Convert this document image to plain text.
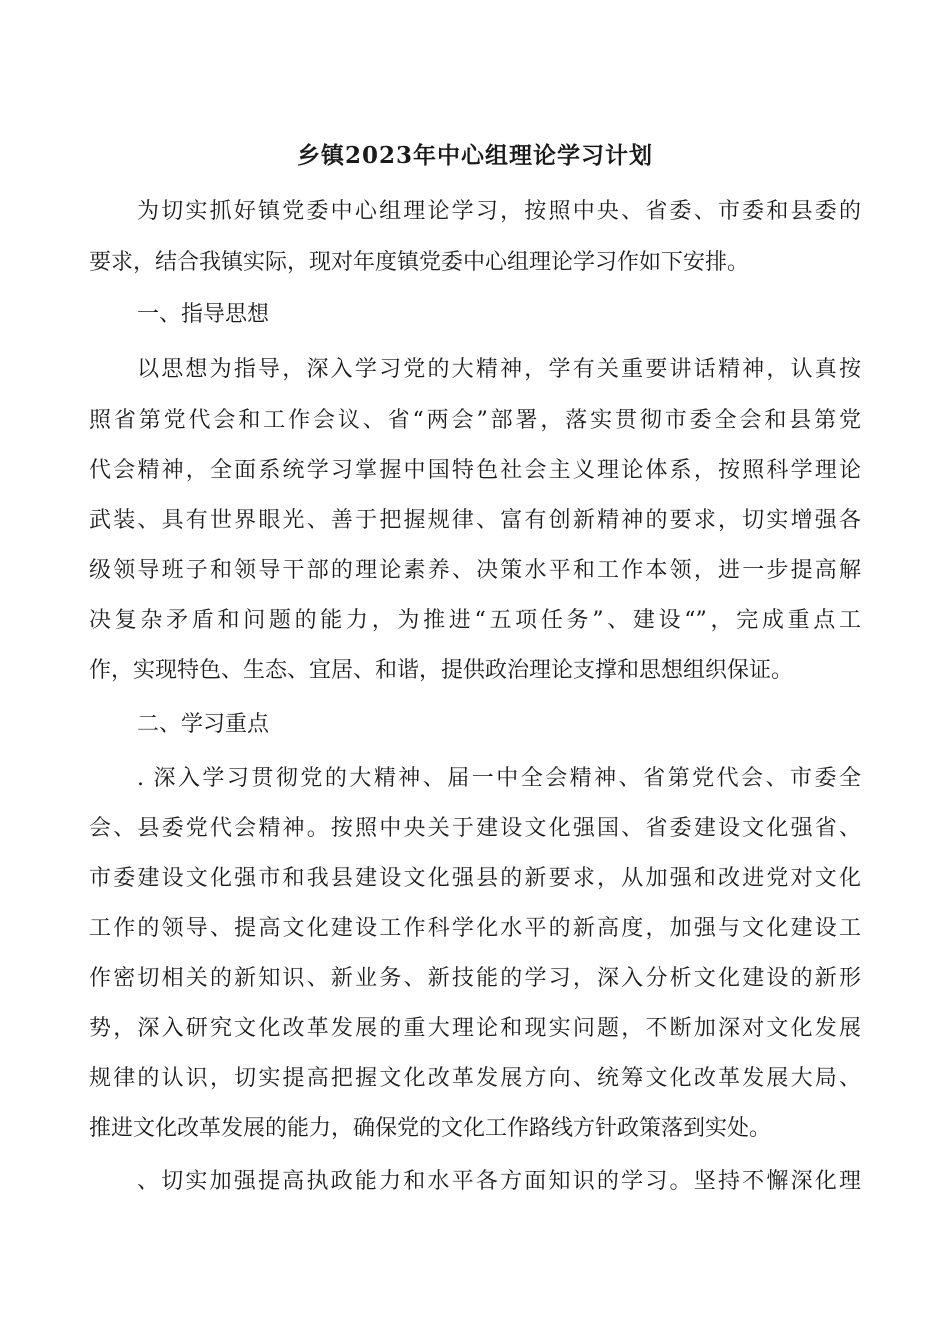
乡镇2023年中心组理论学习计划
为切实抓好镇党委中心组理论学习，按照中央、省委、市委和县委的
要求，结合我镇实际，现对年度镇党委中心组理论学习作如下安排。
一、指导思想
以思想为指导，深入学习党的大精神，学有关重要讲话精神，认真按
照省第党代会和工作会议、省“两会”部署，落实贯彻市委全会和县第党
代会精神，全面系统学习掌握中国特色社会主义理论体系，按照科学理论
武装、具有世界眼光、善于把握规律、富有创新精神的要求，切实增强各
级领导班子和领导干部的理论素养、决策水平和工作本领，进一步提高解
决复杂矛盾和问题的能力，为推进“五项任务”、建设“”，完成重点工
作，实现特色、生态、宜居、和谐，提供政治理论支撑和思想组织保证。
二、学习重点
. 深入学习贯彻党的大精神、届一中全会精神、省第党代会、市委全
会、县委党代会精神。按照中央关于建设文化强国、省委建设文化强省、
市委建设文化强市和我县建设文化强县的新要求，从加强和改进党对文化
工作的领导、提高文化建设工作科学化水平的新高度，加强与文化建设工
作密切相关的新知识、新业务、新技能的学习，深入分析文化建设的新形
势，深入研究文化改革发展的重大理论和现实问题，不断加深对文化发展
规律的认识，切实提高把握文化改革发展方向、统筹文化改革发展大局、
推进文化改革发展的能力，确保党的文化工作路线方针政策落到实处。
、切实加强提高执政能力和水平各方面知识的学习。坚持不懈深化理
